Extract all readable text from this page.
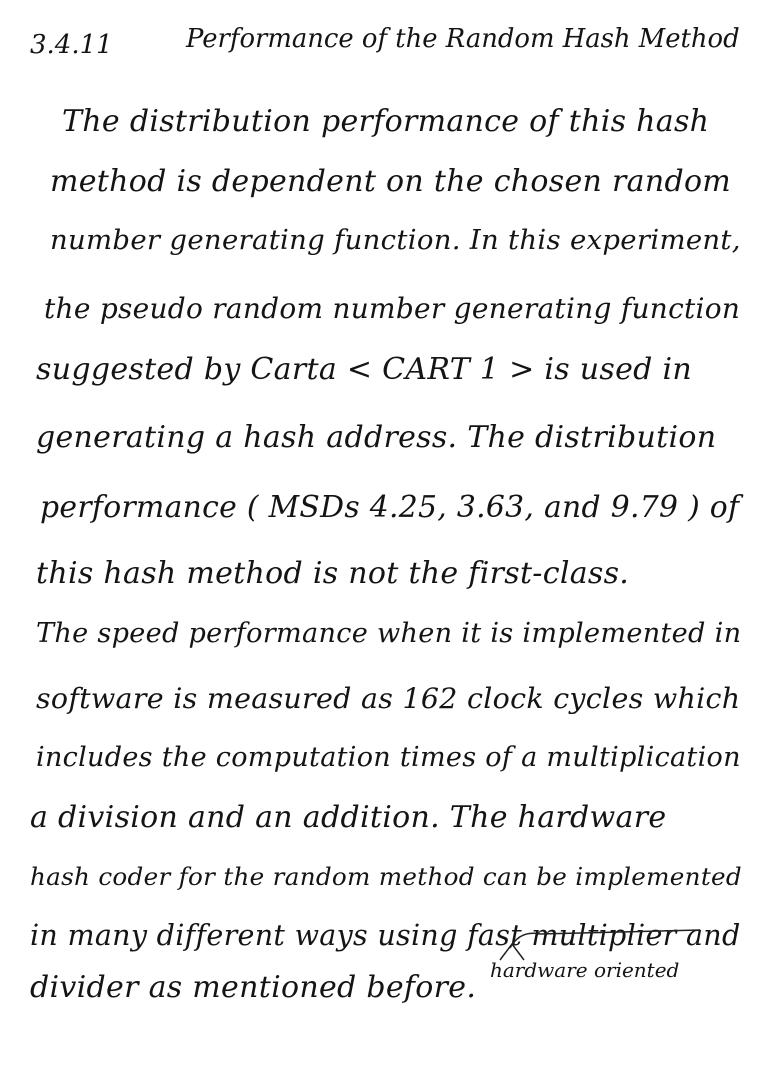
3.4.11	Performance of the Random Hash Method
The distribution performance of this hash
method is dependent on the chosen random
number generating function. In this experiment,
the pseudo random number generating function
suggested by Carta < CART 1 > is used in
generating a hash address. The distribution
performance ( MSDs 4.25, 3.63, and 9.79 ) of
this hash method is not the first-class.
The speed performance when it is implemented in
software is measured as 162 clock cycles which
includes the computation times of a multiplication
a division and an addition. The hardware
hash coder for the random method can be implemented
in many different ways using fast multiplier and
divider as mentioned before. hardware oriented
